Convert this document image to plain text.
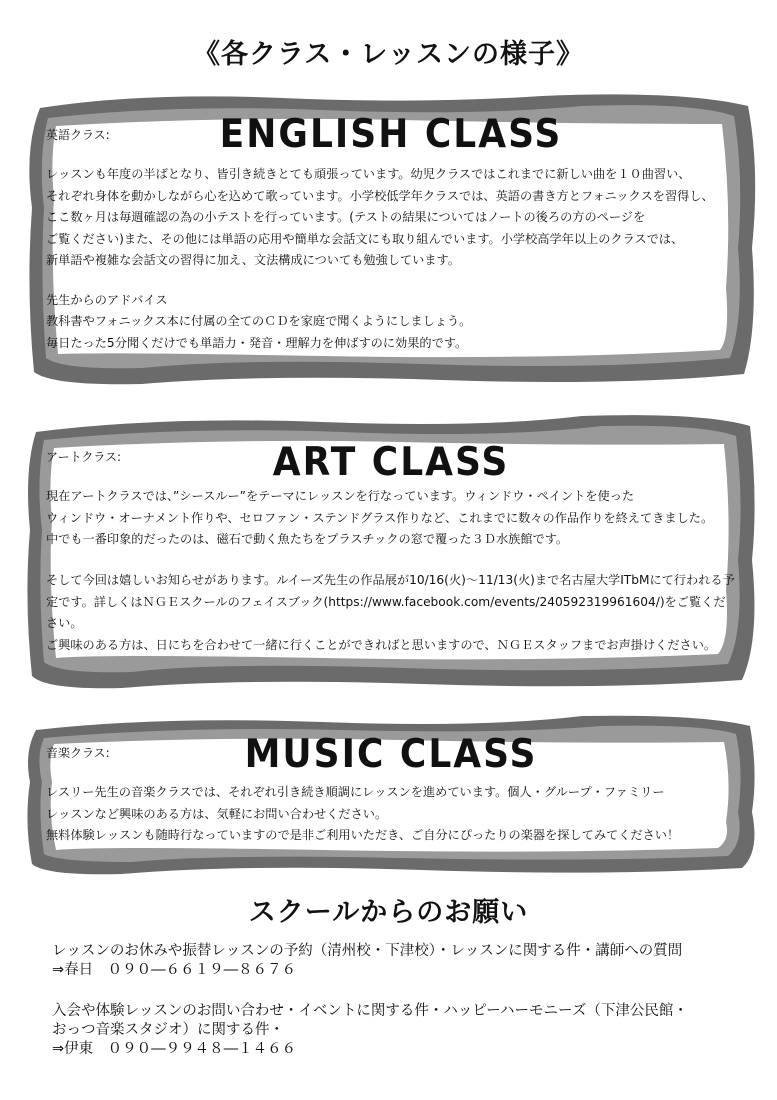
《各クラス・レッスンの様子》
英語クラス:	ENGLISH CLASS
レッスンも年度の半ばとなり、皆引き続きとても頑張っています。幼児クラスではこれまでに新しい曲を１０曲習い、
それぞれ身体を動かしながら心を込めて歌っています。小学校低学年クラスでは、英語の書き方とフォニックスを習得し、
ここ数ヶ月は毎週確認の為の小テストを行っています。(テストの結果についてはノートの後ろの方のページを
ご覧ください)また、その他には単語の応用や簡単な会話文にも取り組んでいます。小学校高学年以上のクラスでは、
新単語や複雑な会話文の習得に加え、文法構成についても勉強しています。
先生からのアドバイス
教科書やフォニックス本に付属の全てのＣＤを家庭で聞くようにしましょう。
毎日たった5分聞くだけでも単語力・発音・理解力を伸ばすのに効果的です。
アートクラス:	ART CLASS
現在アートクラスでは、”シースルー”をテーマにレッスンを行なっています。ウィンドウ・ペイントを使った
ウィンドウ・オーナメント作りや、セロファン・ステンドグラス作りなど、これまでに数々の作品作りを終えてきました。
中でも一番印象的だったのは、磁石で動く魚たちをプラスチックの窓で覆った３Ｄ水族館です。
そして今回は嬉しいお知らせがあります。ルイーズ先生の作品展が10/16(火)〜11/13(火)まで名古屋大学ITbMにて行われる予定です。詳しくはＮＧＥスクールのフェイスブック(https://www.facebook.com/events/240592319961604/)をご覧ください。
ご興味のある方は、日にちを合わせて一緒に行くことができればと思いますので、ＮＧＥスタッフまでお声掛けください。
音楽クラス:	MUSIC CLASS
レスリー先生の音楽クラスでは、それぞれ引き続き順調にレッスンを進めています。個人・グループ・ファミリー
レッスンなど興味のある方は、気軽にお問い合わせください。
無料体験レッスンも随時行なっていますので是非ご利用いただき、ご自分にぴったりの楽器を探してみてください！
スクールからのお願い
レッスンのお休みや振替レッスンの予約（清州校・下津校）・レッスンに関する件・講師への質問
⇒春日　０９０―６６１９―８６７６
入会や体験レッスンのお問い合わせ・イベントに関する件・ハッピーハーモニーズ（下津公民館・
おっつ音楽スタジオ）に関する件・
⇒伊東　０９０―９９４８―１４６６
